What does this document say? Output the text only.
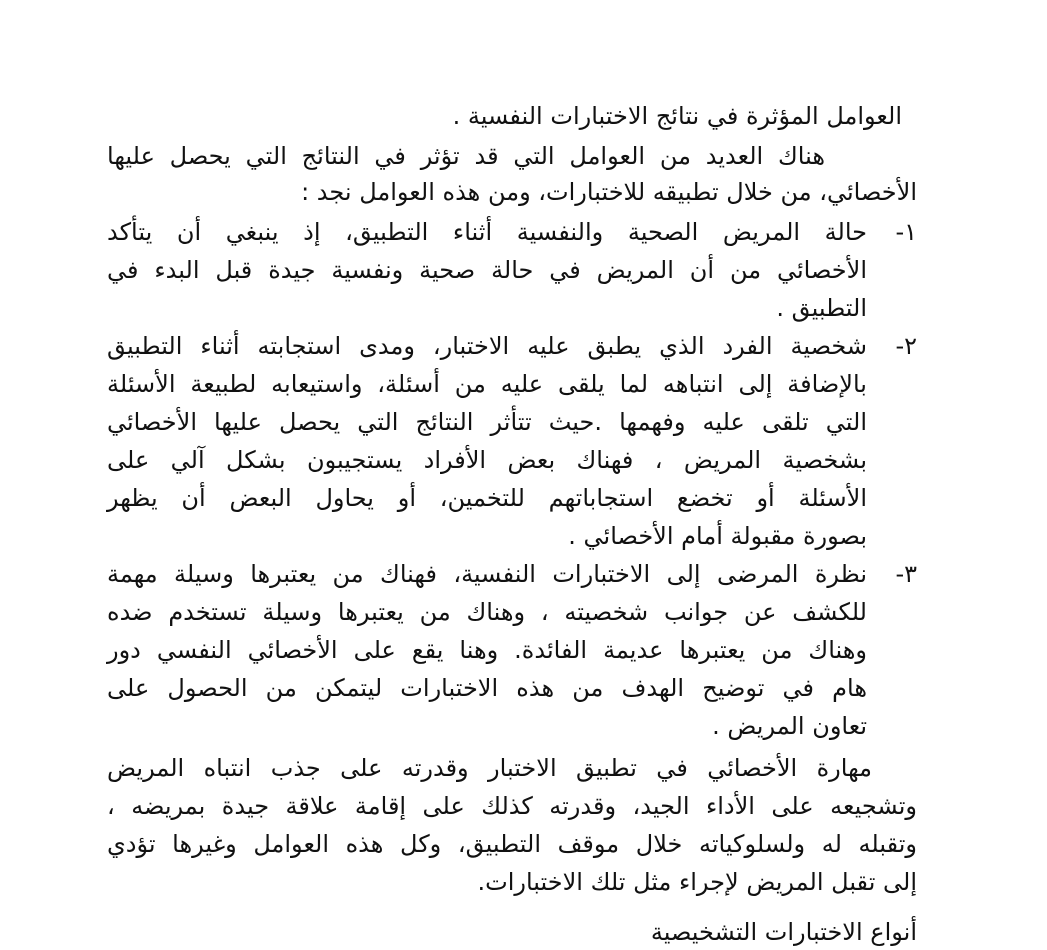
العوامل المؤثرة في نتائج الاختبارات النفسية .
هناك العديد من العوامل التي قد تؤثر في النتائج التي يحصل عليها
الأخصائي، من خلال تطبيقه للاختبارات، ومن هذه العوامل نجد :
١-
حالة المريض الصحية والنفسية أثناء التطبيق، إذ ينبغي أن يتأكد
الأخصائي من أن المريض في حالة صحية ونفسية جيدة قبل البدء في
التطبيق .
٢-
شخصية الفرد الذي يطبق عليه الاختبار، ومدى استجابته أثناء التطبيق
بالإضافة إلى انتباهه لما يلقى عليه من أسئلة، واستيعابه لطبيعة الأسئلة
التي تلقى عليه وفهمها .حيث تتأثر النتائج التي يحصل عليها الأخصائي
بشخصية المريض ، فهناك بعض الأفراد يستجيبون بشكل آلي على
الأسئلة أو تخضع استجاباتهم للتخمين، أو يحاول البعض أن يظهر
بصورة مقبولة أمام الأخصائي .
٣-
نظرة المرضى إلى الاختبارات النفسية، فهناك من يعتبرها وسيلة مهمة
للكشف عن جوانب شخصيته ، وهناك من يعتبرها وسيلة تستخدم ضده
وهناك من يعتبرها عديمة الفائدة. وهنا يقع على الأخصائي النفسي دور
هام في توضيح الهدف من هذه الاختبارات ليتمكن من الحصول على
تعاون المريض .
مهارة الأخصائي في تطبيق الاختبار وقدرته على جذب انتباه المريض
وتشجيعه على الأداء الجيد، وقدرته كذلك على إقامة علاقة جيدة بمريضه ،
وتقبله له ولسلوكياته خلال موقف التطبيق، وكل هذه العوامل وغيرها تؤدي
إلى تقبل المريض لإجراء مثل تلك الاختبارات.
أنواع الاختبارات التشخيصية
